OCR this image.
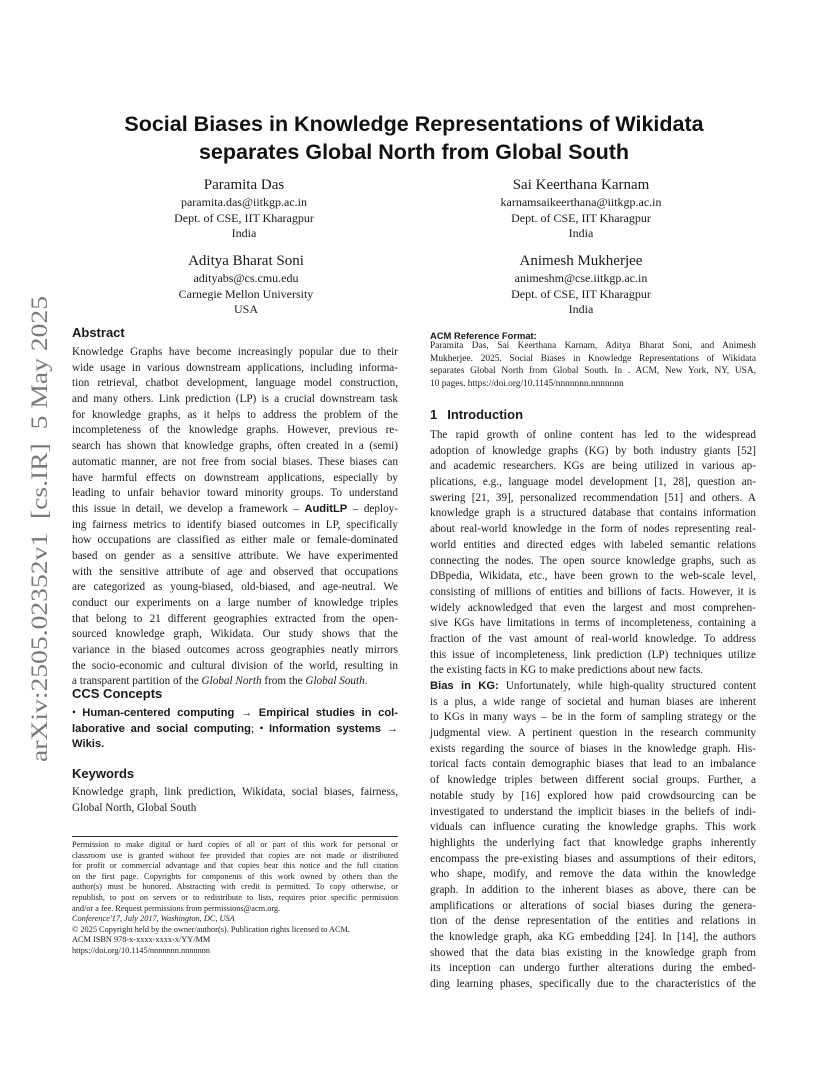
arXiv:2505.02352v1  [cs.IR]  5 May 2025
Social Biases in Knowledge Representations of Wikidata
separates Global North from Global South
Paramita Das
paramita.das@iitkgp.ac.in
Dept. of CSE, IIT Kharagpur
India
Sai Keerthana Karnam
karnamsaikeerthana@iitkgp.ac.in
Dept. of CSE, IIT Kharagpur
India
Aditya Bharat Soni
adityabs@cs.cmu.edu
Carnegie Mellon University
USA
Animesh Mukherjee
animeshm@cse.iitkgp.ac.in
Dept. of CSE, IIT Kharagpur
India
Abstract
Knowledge Graphs have become increasingly popular due to their
wide usage in various downstream applications, including informa-
tion retrieval, chatbot development, language model construction,
and many others. Link prediction (LP) is a crucial downstream task
for knowledge graphs, as it helps to address the problem of the
incompleteness of the knowledge graphs. However, previous re-
search has shown that knowledge graphs, often created in a (semi)
automatic manner, are not free from social biases. These biases can
have harmful effects on downstream applications, especially by
leading to unfair behavior toward minority groups. To understand
this issue in detail, we develop a framework – AuditLP – deploy-
ing fairness metrics to identify biased outcomes in LP, specifically
how occupations are classified as either male or female-dominated
based on gender as a sensitive attribute. We have experimented
with the sensitive attribute of age and observed that occupations
are categorized as young-biased, old-biased, and age-neutral. We
conduct our experiments on a large number of knowledge triples
that belong to 21 different geographies extracted from the open-
sourced knowledge graph, Wikidata. Our study shows that the
variance in the biased outcomes across geographies neatly mirrors
the socio-economic and cultural division of the world, resulting in
a transparent partition of the Global North from the Global South.
CCS Concepts
• Human-centered computing → Empirical studies in col-
laborative and social computing; • Information systems →
Wikis.
Keywords
Knowledge graph, link prediction, Wikidata, social biases, fairness,
Global North, Global South
Permission to make digital or hard copies of all or part of this work for personal or
classroom use is granted without fee provided that copies are not made or distributed
for profit or commercial advantage and that copies bear this notice and the full citation
on the first page. Copyrights for components of this work owned by others than the
author(s) must be honored. Abstracting with credit is permitted. To copy otherwise, or
republish, to post on servers or to redistribute to lists, requires prior specific permission
and/or a fee. Request permissions from permissions@acm.org.
Conference'17, July 2017, Washington, DC, USA
© 2025 Copyright held by the owner/author(s). Publication rights licensed to ACM.
ACM ISBN 978-x-xxxx-xxxx-x/YY/MM
https://doi.org/10.1145/nnnnnnn.nnnnnnn
ACM Reference Format:
Paramita Das, Sai Keerthana Karnam, Aditya Bharat Soni, and Animesh
Mukherjee. 2025. Social Biases in Knowledge Representations of Wikidata
separates Global North from Global South. In . ACM, New York, NY, USA,
10 pages. https://doi.org/10.1145/nnnnnnn.nnnnnnn
1 Introduction
The rapid growth of online content has led to the widespread
adoption of knowledge graphs (KG) by both industry giants [52]
and academic researchers. KGs are being utilized in various ap-
plications, e.g., language model development [1, 28], question an-
swering [21, 39], personalized recommendation [51] and others. A
knowledge graph is a structured database that contains information
about real-world knowledge in the form of nodes representing real-
world entities and directed edges with labeled semantic relations
connecting the nodes. The open source knowledge graphs, such as
DBpedia, Wikidata, etc., have been grown to the web-scale level,
consisting of millions of entities and billions of facts. However, it is
widely acknowledged that even the largest and most comprehen-
sive KGs have limitations in terms of incompleteness, containing a
fraction of the vast amount of real-world knowledge. To address
this issue of incompleteness, link prediction (LP) techniques utilize
the existing facts in KG to make predictions about new facts.
Bias in KG: Unfortunately, while high-quality structured content
is a plus, a wide range of societal and human biases are inherent
to KGs in many ways – be in the form of sampling strategy or the
judgmental view. A pertinent question in the research community
exists regarding the source of biases in the knowledge graph. His-
torical facts contain demographic biases that lead to an imbalance
of knowledge triples between different social groups. Further, a
notable study by [16] explored how paid crowdsourcing can be
investigated to understand the implicit biases in the beliefs of indi-
viduals can influence curating the knowledge graphs. This work
highlights the underlying fact that knowledge graphs inherently
encompass the pre-existing biases and assumptions of their editors,
who shape, modify, and remove the data within the knowledge
graph. In addition to the inherent biases as above, there can be
amplifications or alterations of social biases during the genera-
tion of the dense representation of the entities and relations in
the knowledge graph, aka KG embedding [24]. In [14], the authors
showed that the data bias existing in the knowledge graph from
its inception can undergo further alterations during the embed-
ding learning phases, specifically due to the characteristics of the
